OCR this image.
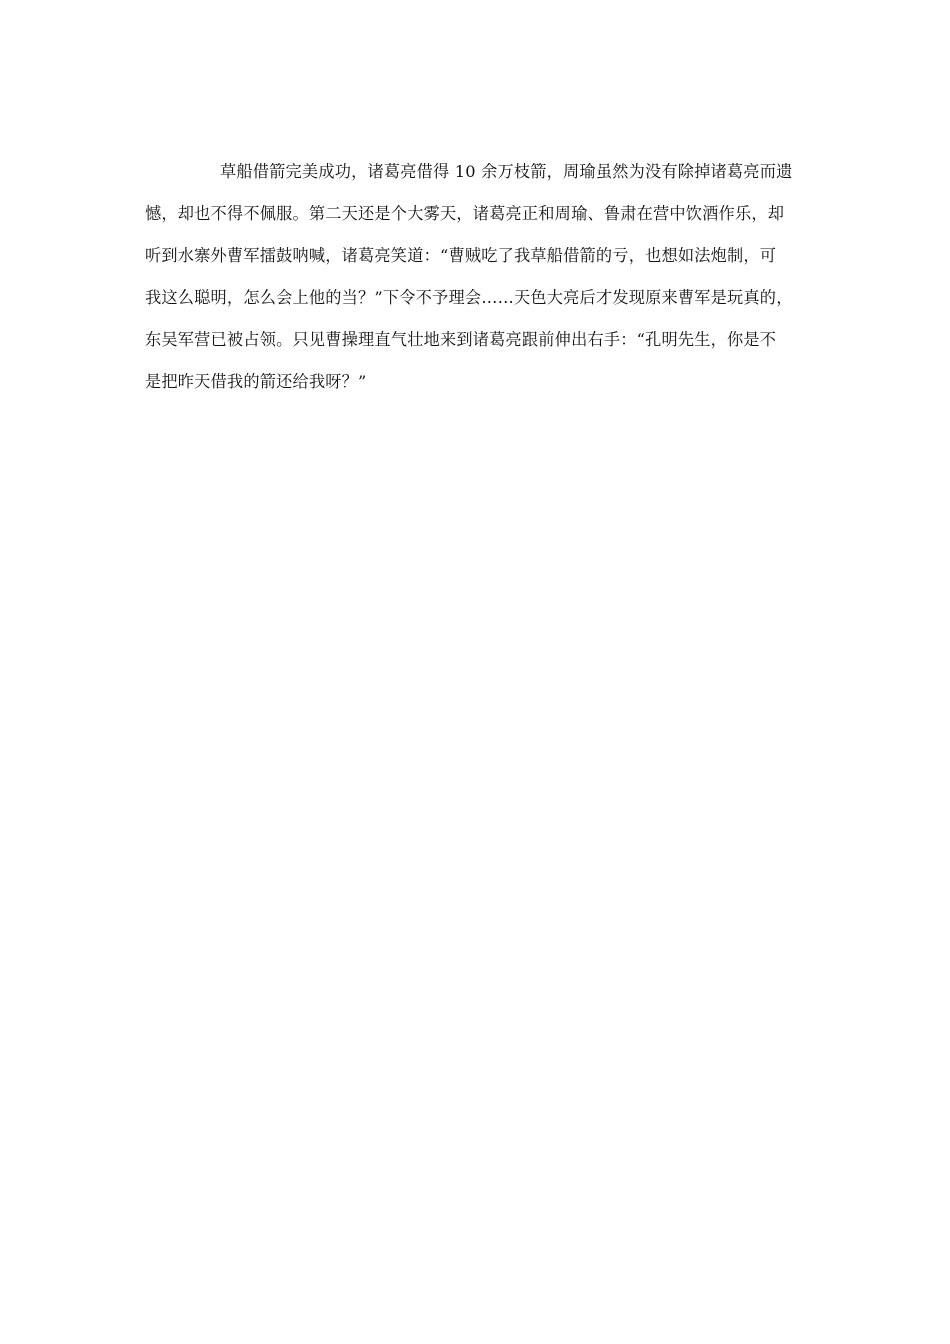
草船借箭完美成功，诸葛亮借得 10 余万枝箭，周瑜虽然为没有除掉诸葛亮而遗
憾，却也不得不佩服。第二天还是个大雾天，诸葛亮正和周瑜、鲁肃在营中饮酒作乐，却
听到水寨外曹军擂鼓呐喊，诸葛亮笑道：“曹贼吃了我草船借箭的亏，也想如法炮制，可
我这么聪明，怎么会上他的当？”下令不予理会……天色大亮后才发现原来曹军是玩真的，
东吴军营已被占领。只见曹操理直气壮地来到诸葛亮跟前伸出右手：“孔明先生，你是不
是把昨天借我的箭还给我呀？”
